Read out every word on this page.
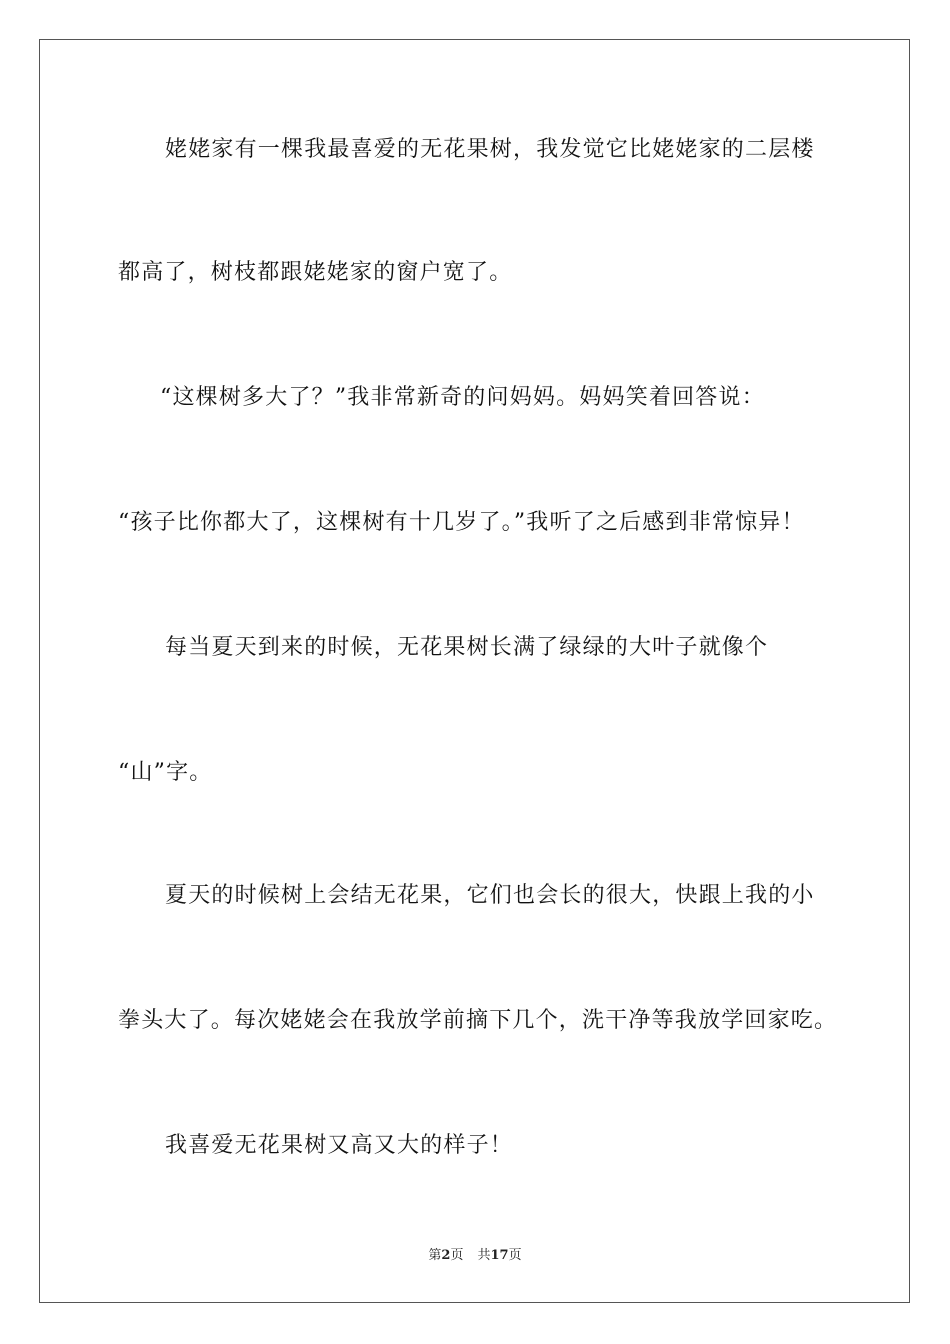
姥姥家有一棵我最喜爱的无花果树，我发觉它比姥姥家的二层楼
都高了，树枝都跟姥姥家的窗户宽了。
“这棵树多大了？”我非常新奇的问妈妈。妈妈笑着回答说：
“孩子比你都大了，这棵树有十几岁了。”我听了之后感到非常惊异！
每当夏天到来的时候，无花果树长满了绿绿的大叶子就像个
“山”字。
夏天的时候树上会结无花果，它们也会长的很大，快跟上我的小
拳头大了。每次姥姥会在我放学前摘下几个，洗干净等我放学回家吃。
我喜爱无花果树又高又大的样子！
第2页 共17页
